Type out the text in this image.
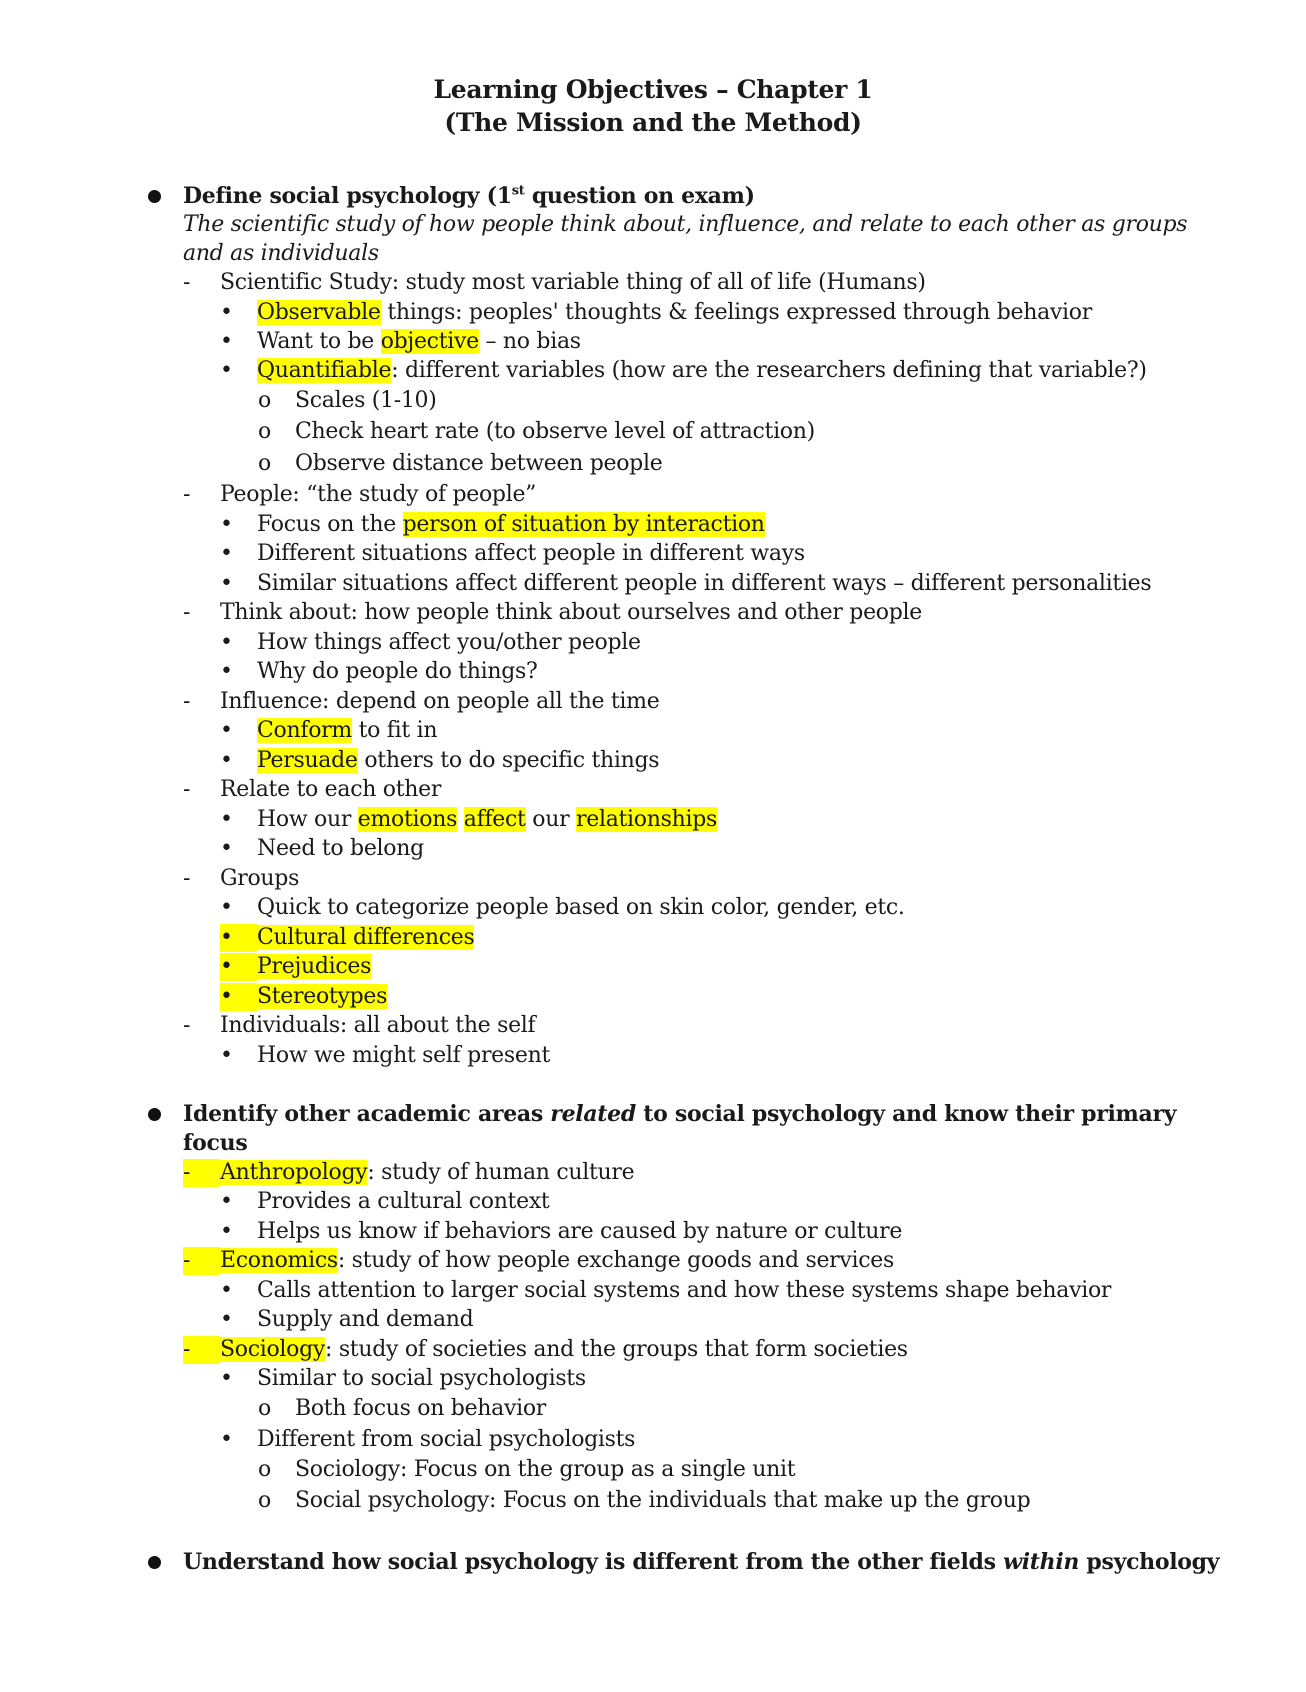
Learning Objectives – Chapter 1
(The Mission and the Method)
Define social psychology (1st question on exam)
The scientific study of how people think about, influence, and relate to each other as groups
and as individuals
- Scientific Study: study most variable thing of all of life (Humans)
• Observable things: peoples' thoughts & feelings expressed through behavior
• Want to be objective – no bias
• Quantifiable: different variables (how are the researchers defining that variable?)
o Scales (1-10)
o Check heart rate (to observe level of attraction)
o Observe distance between people
- People: “the study of people”
• Focus on the person of situation by interaction
• Different situations affect people in different ways
• Similar situations affect different people in different ways – different personalities
- Think about: how people think about ourselves and other people
• How things affect you/other people
• Why do people do things?
- Influence: depend on people all the time
• Conform to fit in
• Persuade others to do specific things
- Relate to each other
• How our emotions affect our relationships
• Need to belong
- Groups
• Quick to categorize people based on skin color, gender, etc.
•	Cultural differences
•	Prejudices
•	Stereotypes
- Individuals: all about the self
• How we might self present
Identify other academic areas related to social psychology and know their primary
focus
-	Anthropology: study of human culture
• Provides a cultural context
• Helps us know if behaviors are caused by nature or culture
-	Economics: study of how people exchange goods and services
• Calls attention to larger social systems and how these systems shape behavior
• Supply and demand
-	Sociology: study of societies and the groups that form societies
• Similar to social psychologists
o Both focus on behavior
• Different from social psychologists
o Sociology: Focus on the group as a single unit
o Social psychology: Focus on the individuals that make up the group
Understand how social psychology is different from the other fields within psychology
